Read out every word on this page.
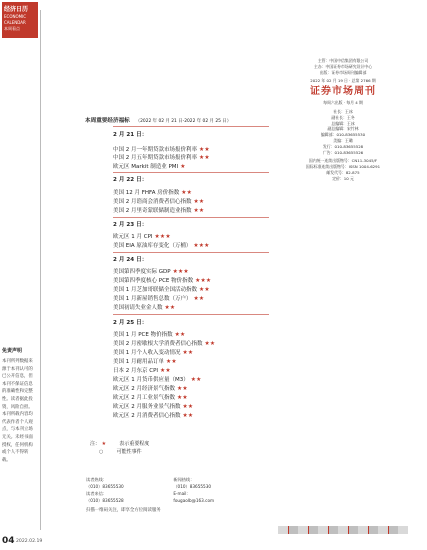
经济日历
ECONOMIC
CALENDAR
本周看点
免责声明
本刊所列数据来源于本刊认可的已公开信息，但本刊不保证信息的准确性和完整性。读者据此投资，风险自担。本刊所载内容均代表作者个人观点，与本刊立场无关。未经书面授权，任何机构或个人不得转载。
本周重要经济福标 （2022 年 02 月 21 日-2022 年 02 月 25 日）
2 月 21 日：
中国 2 月一年期贷款市场报价利率 ★★
中国 2 月五年期贷款市场报价利率 ★★
欧元区 Markit 制造业 PMI ★
2 月 22 日：
美国 12 月 FHFA 房价指数 ★★
美国 2 月谘商会消费者信心指数 ★★
美国 2 月里奇蒙联储制造业指数 ★★
2 月 23 日：
欧元区 1 月 CPI ★★★
美国 EIA 原油库存变化（万桶） ★★★
2 月 24 日：
美国第四季度实际 GDP ★★★
美国第四季度核心 PCE 物价指数 ★★★
美国 1 月芝加哥联储全国活动指数 ★★
美国 1 月新屋销售总数（万户） ★★
美国初请失业金人数 ★★
2 月 25 日：
美国 1 月 PCE 物价指数 ★★
美国 2 月密歇根大学消费者信心指数 ★★
美国 1 月个人收入变动情况 ★★
美国 1 月耐用品订单 ★★
日本 2 月东京 CPI ★★
欧元区 1 月货币供应量（M3） ★★
欧元区 2 月经济景气指数 ★★
欧元区 2 月工业景气指数 ★★
欧元区 2 月服务业景气指数 ★★
欧元区 2 月消费者信心指数 ★★
注： ★	表示重要程度
○	可能性事件
读者热线：
（010）83655530
读者来信：
（010）83655528

新闻热线：
（010）83655530
E-mail：
fougaolb@163.com
扫描一维码关注，即享全方位阅读服务
主管：中国中信集团有限公司
主办：中国证券市场研究设计中心
出版：证券市场周刊编辑部
2022 年 02 月 19 日 · 总第 2766 期
证券市场周刊
每周六出版 · 每月 4 期
社长：王冰
副社长：王冬
总编辑：王冰
副总编辑：宋竹林
编辑部：010-83655530
美编：王璐
发行：010-83655528
广告：010-83655526
国内统一连续出版物号：CN11-3045/F
国际标准连续出版物号：ISSN 1004-6291
邮发代号：82-875
定价：10 元
04 2022.02.19
